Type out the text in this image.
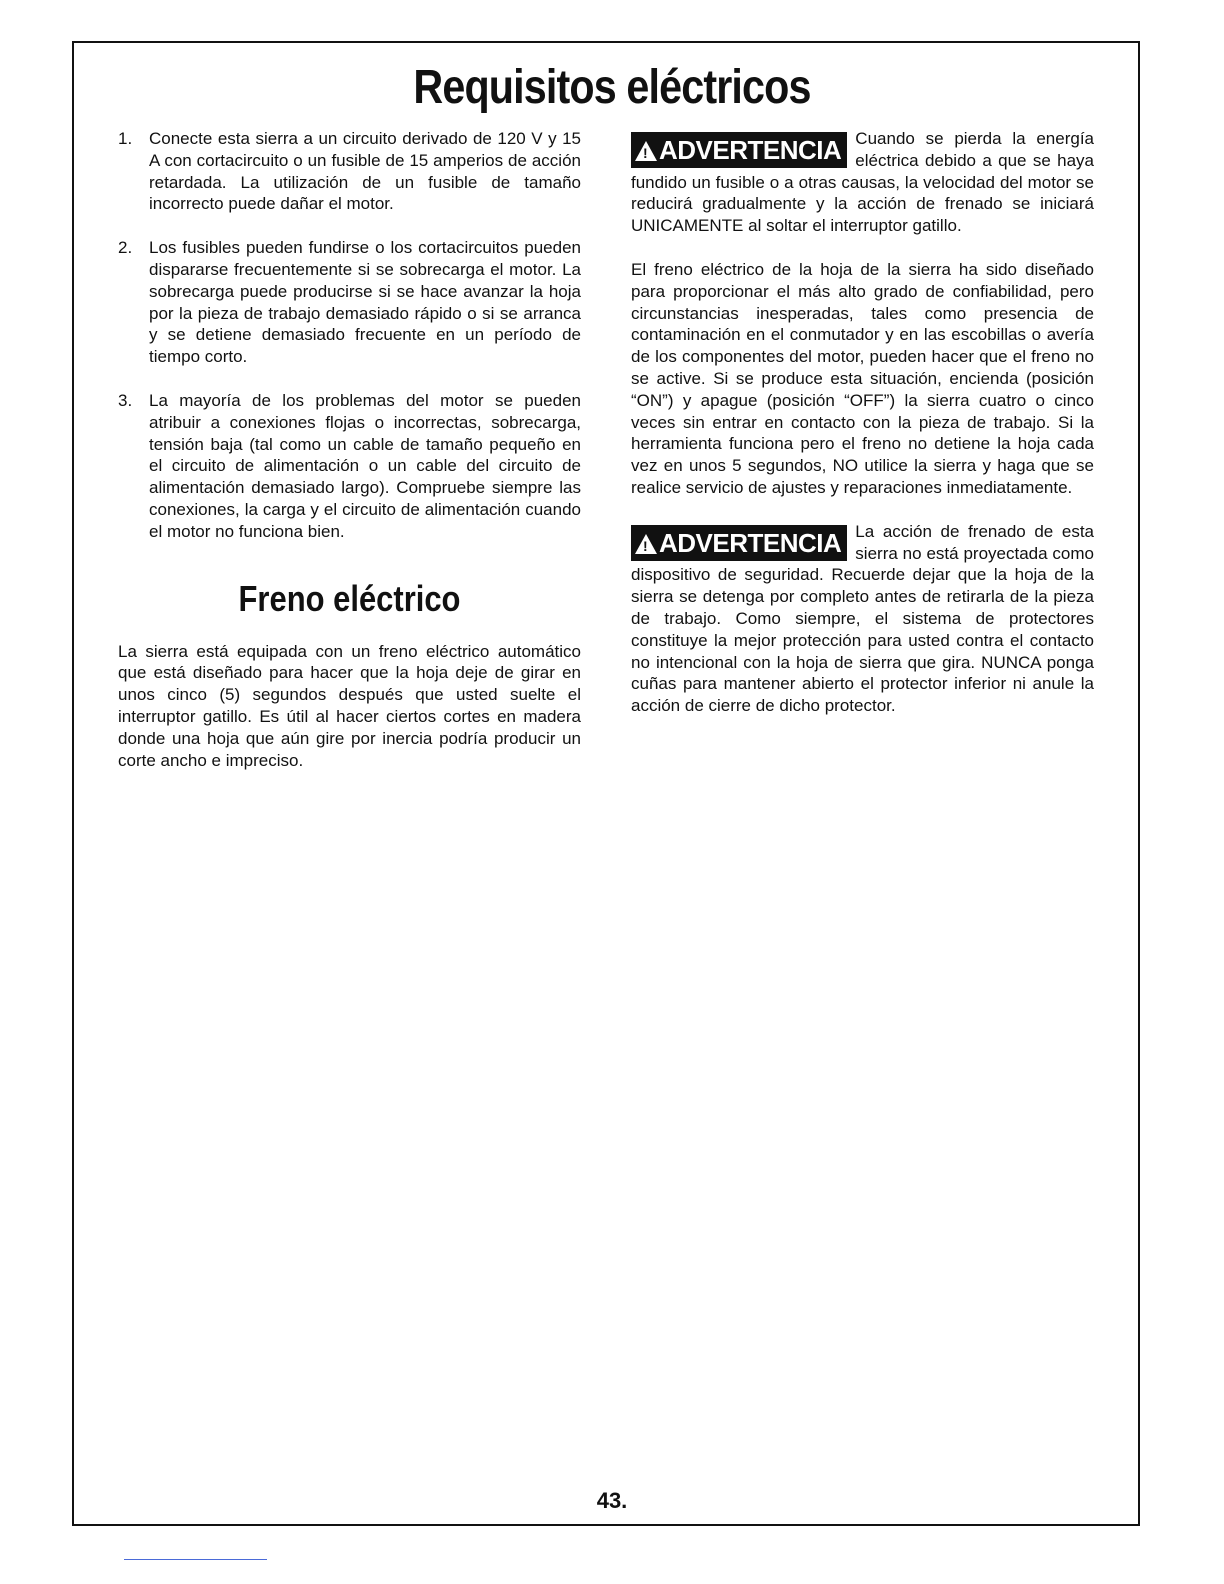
Requisitos eléctricos
1. Conecte esta sierra a un circuito derivado de 120 V y 15 A con cortacircuito o un fusible de 15 amperios de acción retardada. La utilización de un fusible de tamaño incorrecto puede dañar el motor.
2. Los fusibles pueden fundirse o los cortacircuitos pueden dispararse frecuentemente si se sobrecarga el motor. La sobrecarga puede producirse si se hace avanzar la hoja por la pieza de trabajo demasiado rápido o si se arranca y se detiene demasiado frecuente en un período de tiempo corto.
3. La mayoría de los problemas del motor se pueden atribuir a conexiones flojas o incorrectas, sobrecarga, tensión baja (tal como un cable de tamaño pequeño en el circuito de alimentación o un cable del circuito de alimentación demasiado largo). Compruebe siempre las conexiones, la carga y el circuito de alimentación cuando el motor no funciona bien.
Freno eléctrico

La sierra está equipada con un freno eléctrico automático que está diseñado para hacer que la hoja deje de girar en unos cinco (5) segundos después que usted suelte el interruptor gatillo. Es útil al hacer ciertos cortes en madera donde una hoja que aún gire por inercia podría producir un corte ancho e impreciso.

! ADVERTENCIA Cuando se pierda la energía eléctrica debido a que se haya fundido un fusible o a otras causas, la velocidad del motor se reducirá gradualmente y la acción de frenado se iniciará UNICAMENTE al soltar el interruptor gatillo.

El freno eléctrico de la hoja de la sierra ha sido diseñado para proporcionar el más alto grado de confiabilidad, pero circunstancias inesperadas, tales como presencia de contaminación en el conmutador y en las escobillas o avería de los componentes del motor, pueden hacer que el freno no se active. Si se produce esta situación, encienda (posición “ON”) y apague (posición “OFF”) la sierra cuatro o cinco veces sin entrar en contacto con la pieza de trabajo. Si la herramienta funciona pero el freno no detiene la hoja cada vez en unos 5 segundos, NO utilice la sierra y haga que se realice servicio de ajustes y reparaciones inmediatamente.

! ADVERTENCIA La acción de frenado de esta sierra no está proyectada como dispositivo de seguridad. Recuerde dejar que la hoja de la sierra se detenga por completo antes de retirarla de la pieza de trabajo. Como siempre, el sistema de protectores constituye la mejor protección para usted contra el contacto no intencional con la hoja de sierra que gira. NUNCA ponga cuñas para mantener abierto el protector inferior ni anule la acción de cierre de dicho protector.
43.
